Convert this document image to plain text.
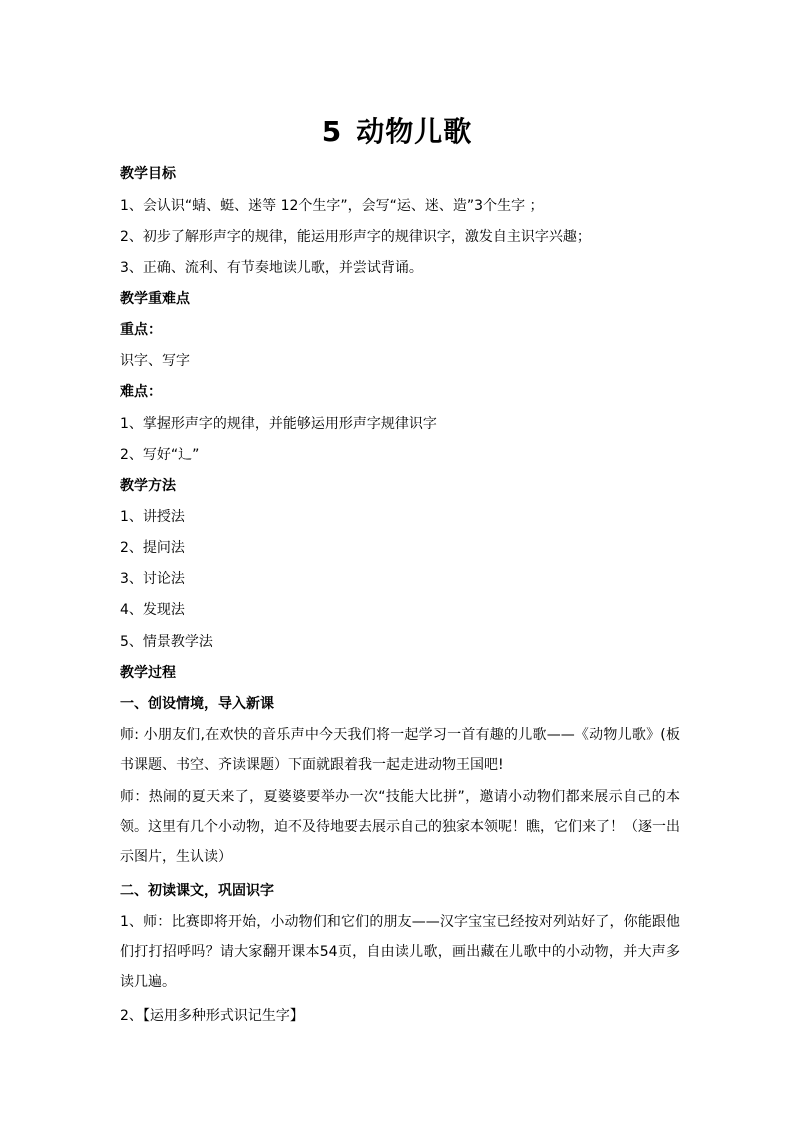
5 动物儿歌
教学目标
1、会认识“蜻、蜓、迷等 12个生字”，会写“运、迷、造”3个生字 ；
2、初步了解形声字的规律，能运用形声字的规律识字，激发自主识字兴趣；
3、正确、流利、有节奏地读儿歌，并尝试背诵。
教学重难点
重点：
识字、写字
难点：
1、掌握形声字的规律，并能够运用形声字规律识字
2、写好“辶”
教学方法
1、讲授法
2、提问法
3、讨论法
4、发现法
5、情景教学法
教学过程
一、创设情境，导入新课
师: 小朋友们,在欢快的音乐声中今天我们将一起学习一首有趣的儿歌——《动物儿歌》(板书课题、书空、齐读课题）下面就跟着我一起走进动物王国吧!
师：热闹的夏天来了，夏婆婆要举办一次“技能大比拼”，邀请小动物们都来展示自己的本领。这里有几个小动物，迫不及待地要去展示自己的独家本领呢！瞧，它们来了！（逐一出示图片，生认读）
二、初读课文，巩固识字
1、师：比赛即将开始，小动物们和它们的朋友——汉字宝宝已经按对列站好了，你能跟他们打打招呼吗？请大家翻开课本54页，自由读儿歌，画出藏在儿歌中的小动物，并大声多读几遍。
2、【运用多种形式识记生字】
